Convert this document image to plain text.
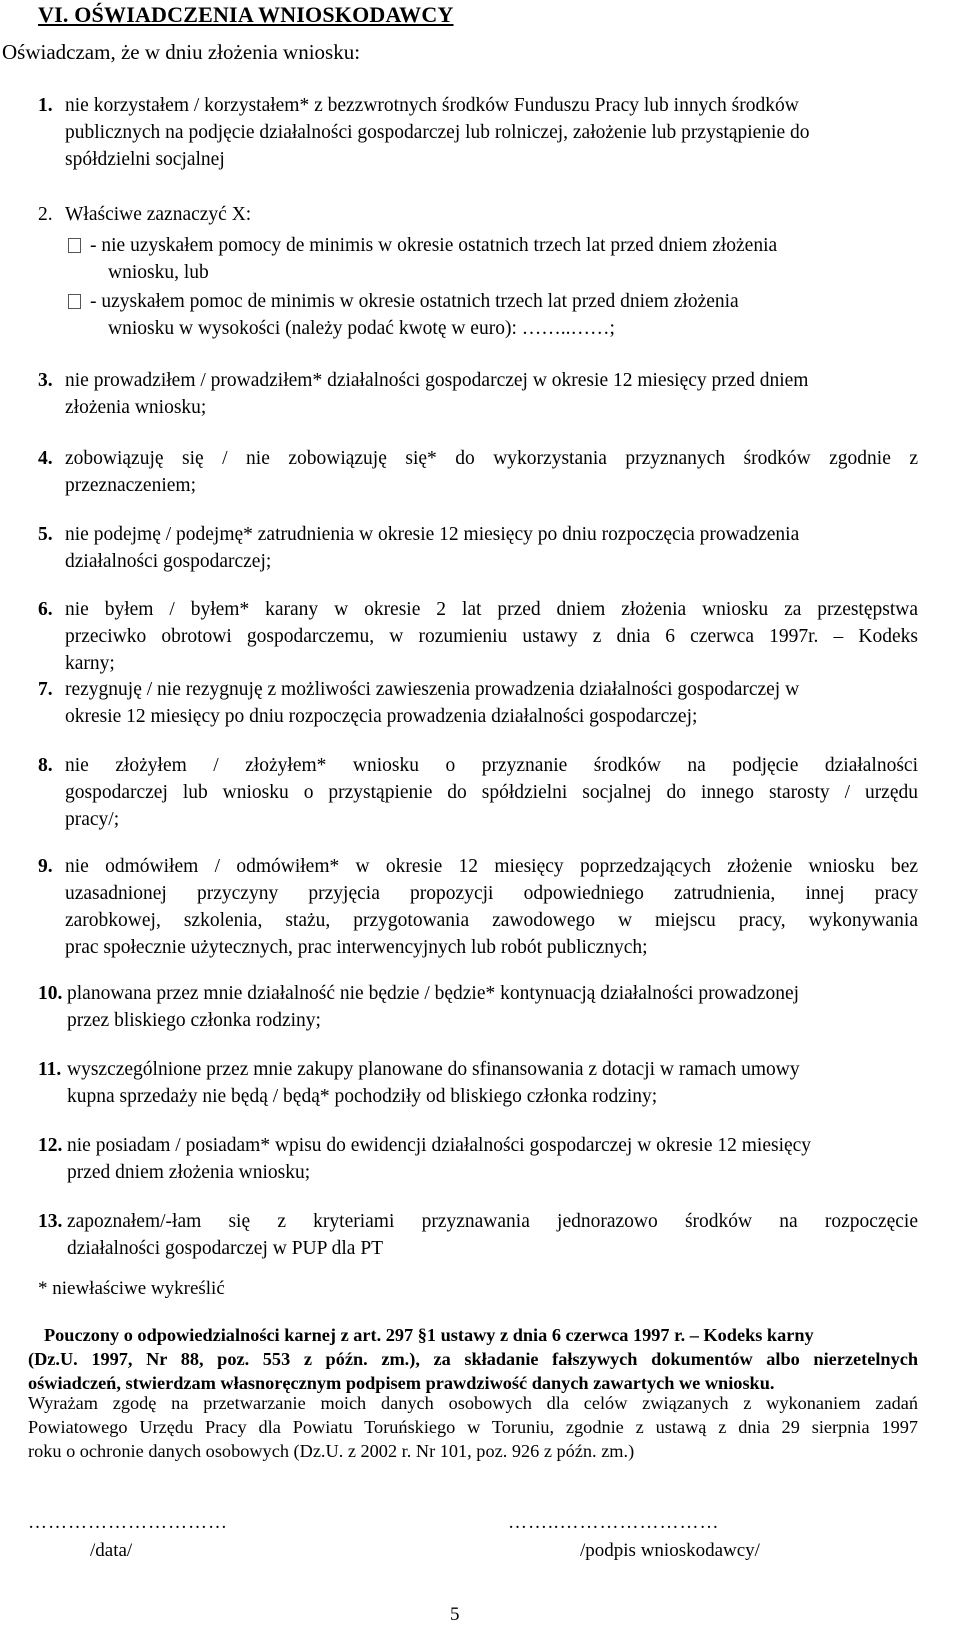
VI. OŚWIADCZENIA WNIOSKODAWCY
Oświadczam, że w dniu złożenia wniosku:
1. nie korzystałem / korzystałem* z bezzwrotnych środków Funduszu Pracy lub innych środków
publicznych na podjęcie działalności gospodarczej lub rolniczej, założenie lub przystąpienie do
spółdzielni socjalnej
2. Właściwe zaznaczyć X:
- nie uzyskałem pomocy de minimis w okresie ostatnich trzech lat przed dniem złożenia
wniosku, lub
- uzyskałem pomoc de minimis w okresie ostatnich trzech lat przed dniem złożenia
wniosku w wysokości (należy podać kwotę w euro): ……..……;
3. nie prowadziłem / prowadziłem* działalności gospodarczej w okresie 12 miesięcy przed dniem
złożenia wniosku;
4. zobowiązuję się / nie zobowiązuję się* do wykorzystania przyznanych środków zgodnie z
przeznaczeniem;
5. nie podejmę / podejmę* zatrudnienia w okresie 12 miesięcy po dniu rozpoczęcia prowadzenia
działalności gospodarczej;
6. nie byłem / byłem* karany w okresie 2 lat przed dniem złożenia wniosku za przestępstwa
przeciwko obrotowi gospodarczemu, w rozumieniu ustawy z dnia 6 czerwca 1997r. – Kodeks
karny;
7. rezygnuję / nie rezygnuję z możliwości zawieszenia prowadzenia działalności gospodarczej w
okresie 12 miesięcy po dniu rozpoczęcia prowadzenia działalności gospodarczej;
8. nie złożyłem / złożyłem* wniosku o przyznanie środków na podjęcie działalności
gospodarczej lub wniosku o przystąpienie do spółdzielni socjalnej do innego starosty / urzędu
pracy/;
9. nie odmówiłem / odmówiłem* w okresie 12 miesięcy poprzedzających złożenie wniosku bez
uzasadnionej przyczyny przyjęcia propozycji odpowiedniego zatrudnienia, innej pracy
zarobkowej, szkolenia, stażu, przygotowania zawodowego w miejscu pracy, wykonywania
prac społecznie użytecznych, prac interwencyjnych lub robót publicznych;
10. planowana przez mnie działalność nie będzie / będzie* kontynuacją działalności prowadzonej
przez bliskiego członka rodziny;
11. wyszczególnione przez mnie zakupy planowane do sfinansowania z dotacji w ramach umowy
kupna sprzedaży nie będą / będą* pochodziły od bliskiego członka rodziny;
12. nie posiadam / posiadam* wpisu do ewidencji działalności gospodarczej w okresie 12 miesięcy
przed dniem złożenia wniosku;
13. zapoznałem/-łam się z kryteriami przyznawania jednorazowo środków na rozpoczęcie
działalności gospodarczej w PUP dla PT
* niewłaściwe wykreślić
Pouczony o odpowiedzialności karnej z art. 297 §1 ustawy z dnia 6 czerwca 1997 r. – Kodeks karny
(Dz.U. 1997, Nr 88, poz. 553 z późn. zm.), za składanie fałszywych dokumentów albo nierzetelnych
oświadczeń, stwierdzam własnoręcznym podpisem prawdziwość danych zawartych we wniosku.
Wyrażam zgodę na przetwarzanie moich danych osobowych dla celów związanych z wykonaniem zadań
Powiatowego Urzędu Pracy dla Powiatu Toruńskiego w Toruniu, zgodnie z ustawą z dnia 29 sierpnia 1997
roku o ochronie danych osobowych (Dz.U. z 2002 r. Nr 101, poz. 926 z późn. zm.)
…………………………	……..……………………
/data/	/podpis wnioskodawcy/
5
